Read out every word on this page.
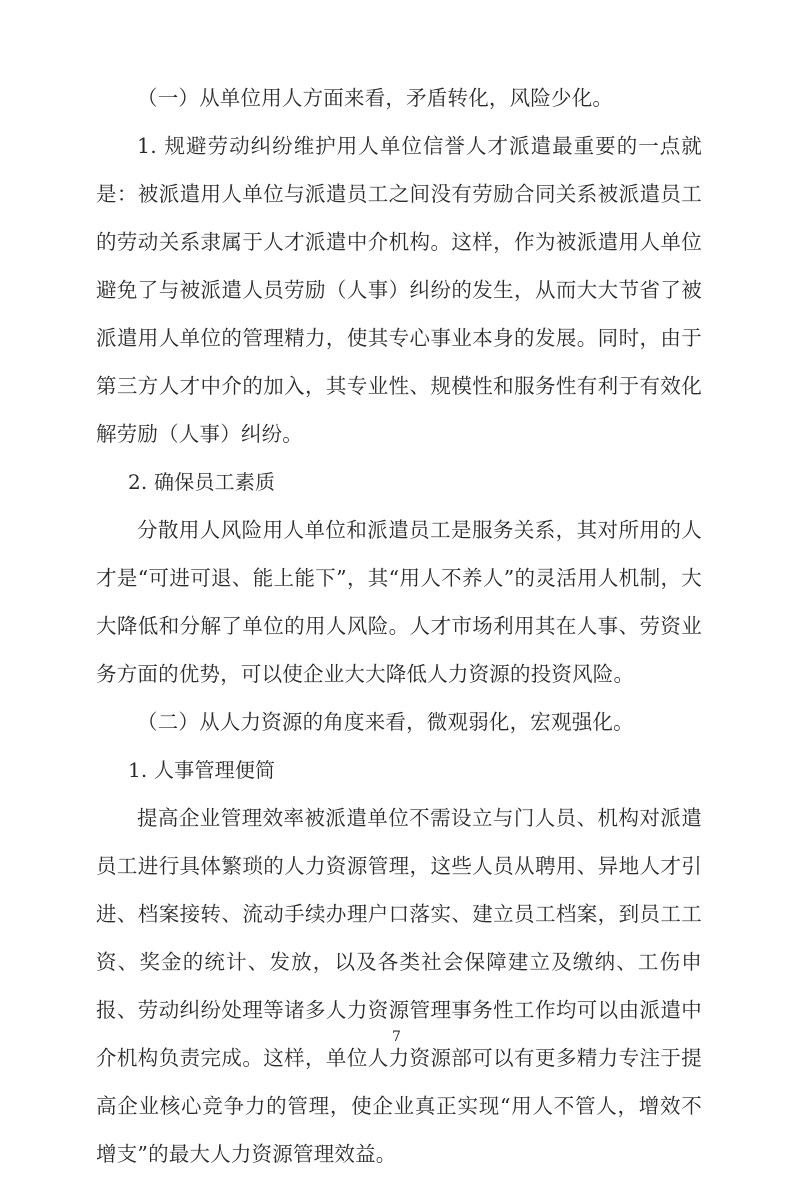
（一）从单位用人方面来看，矛盾转化，风险少化。

1. 规避劳动纠纷维护用人单位信誉人才派遣最重要的一点就是：被派遣用人单位与派遣员工之间没有劳励合同关系被派遣员工的劳动关系隶属于人才派遣中介机构。这样，作为被派遣用人单位避免了与被派遣人员劳励（人事）纠纷的发生，从而大大节省了被派遣用人单位的管理精力，使其专心事业本身的发展。同时，由于第三方人才中介的加入，其专业性、规模性和服务性有利于有效化解劳励（人事）纠纷。

2. 确保员工素质

分散用人风险用人单位和派遣员工是服务关系，其对所用的人才是“可进可退、能上能下”，其“用人不养人”的灵活用人机制，大大降低和分解了单位的用人风险。人才市场利用其在人事、劳资业务方面的优势，可以使企业大大降低人力资源的投资风险。

（二）从人力资源的角度来看，微观弱化，宏观强化。

1. 人事管理便简

提高企业管理效率被派遣单位不需设立与门人员、机构对派遣员工进行具体繁琐的人力资源管理，这些人员从聘用、异地人才引进、档案接转、流动手续办理户口落实、建立员工档案，到员工工资、奖金的统计、发放，以及各类社会保障建立及缴纳、工伤申报、劳动纠纷处理等诸多人力资源管理事务性工作均可以由派遣中介机构负责完成。这样，单位人力资源部可以有更多精力专注于提高企业核心竞争力的管理，使企业真正实现“用人不管人，增效不增支”的最大人力资源管理效益。

7
